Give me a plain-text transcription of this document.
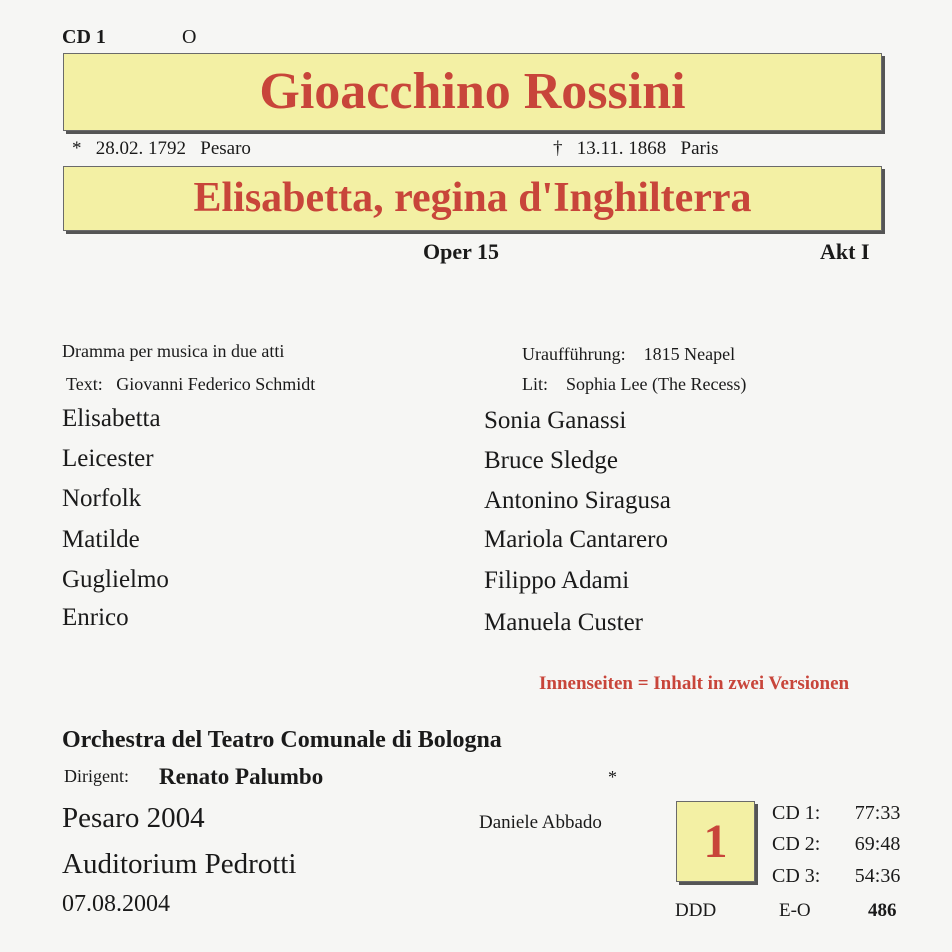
CD 1	O
Gioacchino Rossini
* 28.02. 1792 Pesaro	† 13.11. 1868 Paris
Elisabetta, regina d'Inghilterra
Oper 15	Akt I
Dramma per musica in due atti
Text: Giovanni Federico Schmidt
Uraufführung: 1815 Neapel
Lit: Sophia Lee (The Recess)
Elisabetta	Sonia Ganassi
Leicester	Bruce Sledge
Norfolk	Antonino Siragusa
Matilde	Mariola Cantarero
Guglielmo	Filippo Adami
Enrico	Manuela Custer
Innenseiten = Inhalt in zwei Versionen
Orchestra del Teatro Comunale di Bologna
Dirigent: Renato Palumbo	*
Daniele Abbado
Pesaro 2004
Auditorium Pedrotti
07.08.2004
1
CD 1: 77:33
CD 2: 69:48
CD 3: 54:36
DDD	E-O	486
